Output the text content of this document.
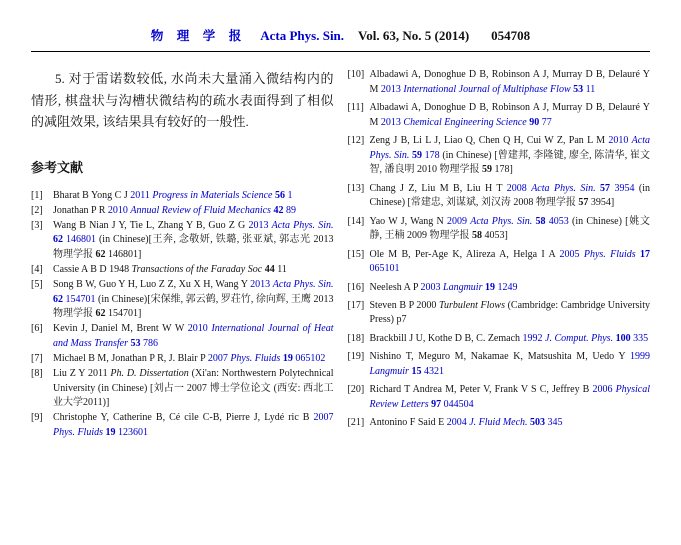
物 理 学 报 Acta Phys. Sin. Vol. 63, No. 5 (2014) 054708

5. 对于雷诺数较低, 水尚未大量涌入微结构内的情形, 棋盘状与沟槽状微结构的疏水表面得到了相似的减阻效果, 该结果具有较好的一般性.

参考文献
[1] Bharat B Yong C J 2011 Progress in Materials Science 56 1
[2] Jonathan P R 2010 Annual Review of Fluid Mechanics 42 89
[3] Wang B Nian J Y, Tie L, Zhang Y B, Guo Z G 2013 Acta Phys. Sin. 62 146801 (in Chinese)[王奔, 念敬妍, 铁璐, 张亚斌, 郭志光 2013 物理学报 62 146801]
[4] Cassie A B D 1948 Transactions of the Faraday Soc 44 11
[5] Song B W, Guo Y H, Luo Z Z, Xu X H, Wang Y 2013 Acta Phys. Sin. 62 154701 (in Chinese)[宋保维, 郭云鹤, 罗荘竹, 徐向辉, 王鹰 2013 物理学报 62 154701]
[6] Kevin J, Daniel M, Brent W W 2010 International Journal of Heat and Mass Transfer 53 786
[7] Michael B M, Jonathan P R, J. Blair P 2007 Phys. Fluids 19 065102
[8] Liu Z Y 2011 Ph. D. Dissertation (Xi'an: Northwestern Polytechnical University (in Chinese) [刘占一 2007 博士学位论文 (西安: 西北工业大学2011)]
[9] Christophe Y, Catherine B, Cé cile C-B, Pierre J, Lydé ric B 2007 Phys. Fluids 19 123601
[10] Albadawi A, Donoghue D B, Robinson A J, Murray D B, Delauré Y M 2013 International Journal of Multiphase Flow 53 11
[11] Albadawi A, Donoghue D B, Robinson A J, Murray D B, Delauré Y M 2013 Chemical Engineering Science 90 77
[12] Zeng J B, Li L J, Liao Q, Chen Q H, Cui W Z, Pan L M 2010 Acta Phys. Sin. 59 178 (in Chinese) [曾建邦, 李隆键, 廖全, 陈清华, 崔文智, 潘良明 2010 物理学报 59 178]
[13] Chang J Z, Liu M B, Liu H T 2008 Acta Phys. Sin. 57 3954 (in Chinese) [常建忠, 刘谋斌, 刘汉涛 2008 物理学报 57 3954]
[14] Yao W J, Wang N 2009 Acta Phys. Sin. 58 4053 (in Chinese) [姚文静, 王楠 2009 物理学报 58 4053]
[15] Ole M B, Per-Age K, Alireza A, Helga I A 2005 Phys. Fluids 17 065101
[16] Neelesh A P 2003 Langmuir 19 1249
[17] Steven B P 2000 Turbulent Flows (Cambridge: Cambridge University Press) p7
[18] Brackbill J U, Kothe D B, C. Zemach 1992 J. Comput. Phys. 100 335
[19] Nishino T, Meguro M, Nakamae K, Matsushita M, Uedo Y 1999 Langmuir 15 4321
[20] Richard T Andrea M, Peter V, Frank V S C, Jeffrey B 2006 Physical Review Letters 97 044504
[21] Antonino F Said E 2004 J. Fluid Mech. 503 345
